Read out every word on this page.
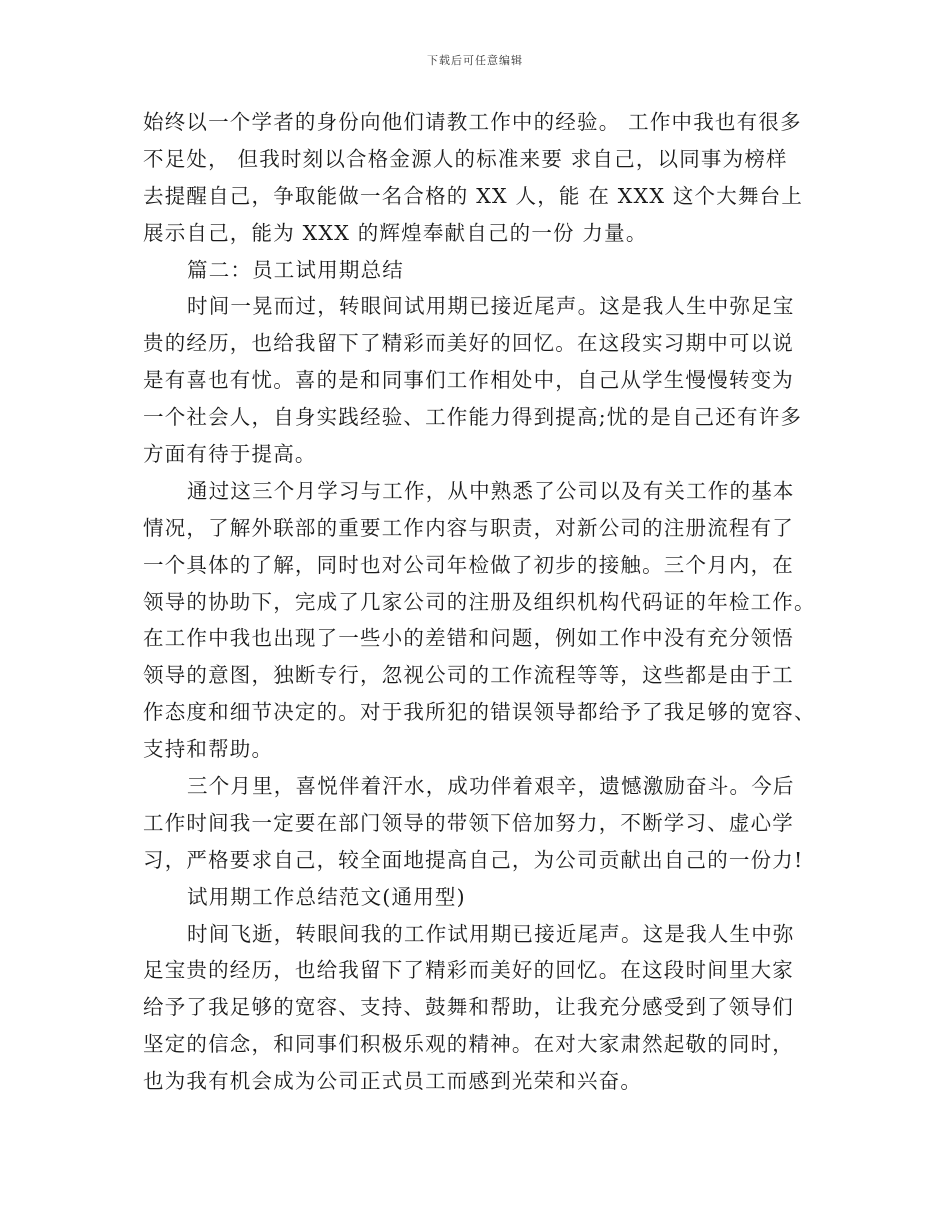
下载后可任意编辑
始终以一个学者的身份向他们请教工作中的经验。 工作中我也有很多
不足处， 但我时刻以合格金源人的标准来要 求自己，以同事为榜样
去提醒自己，争取能做一名合格的 XX 人，能 在 XXX 这个大舞台上
展示自己，能为 XXX 的辉煌奉献自己的一份 力量。
篇二：员工试用期总结
时间一晃而过，转眼间试用期已接近尾声。这是我人生中弥足宝
贵的经历，也给我留下了精彩而美好的回忆。在这段实习期中可以说
是有喜也有忧。喜的是和同事们工作相处中，自己从学生慢慢转变为
一个社会人，自身实践经验、工作能力得到提高;忧的是自己还有许多
方面有待于提高。
通过这三个月学习与工作，从中熟悉了公司以及有关工作的基本
情况，了解外联部的重要工作内容与职责，对新公司的注册流程有了
一个具体的了解，同时也对公司年检做了初步的接触。三个月内，在
领导的协助下，完成了几家公司的注册及组织机构代码证的年检工作。
在工作中我也出现了一些小的差错和问题，例如工作中没有充分领悟
领导的意图，独断专行，忽视公司的工作流程等等，这些都是由于工
作态度和细节决定的。对于我所犯的错误领导都给予了我足够的宽容、
支持和帮助。
三个月里，喜悦伴着汗水，成功伴着艰辛，遗憾激励奋斗。今后
工作时间我一定要在部门领导的带领下倍加努力，不断学习、虚心学
习，严格要求自己，较全面地提高自己，为公司贡献出自己的一份力!
试用期工作总结范文(通用型)
时间飞逝，转眼间我的工作试用期已接近尾声。这是我人生中弥
足宝贵的经历，也给我留下了精彩而美好的回忆。在这段时间里大家
给予了我足够的宽容、支持、鼓舞和帮助，让我充分感受到了领导们
坚定的信念，和同事们积极乐观的精神。在对大家肃然起敬的同时，
也为我有机会成为公司正式员工而感到光荣和兴奋。
